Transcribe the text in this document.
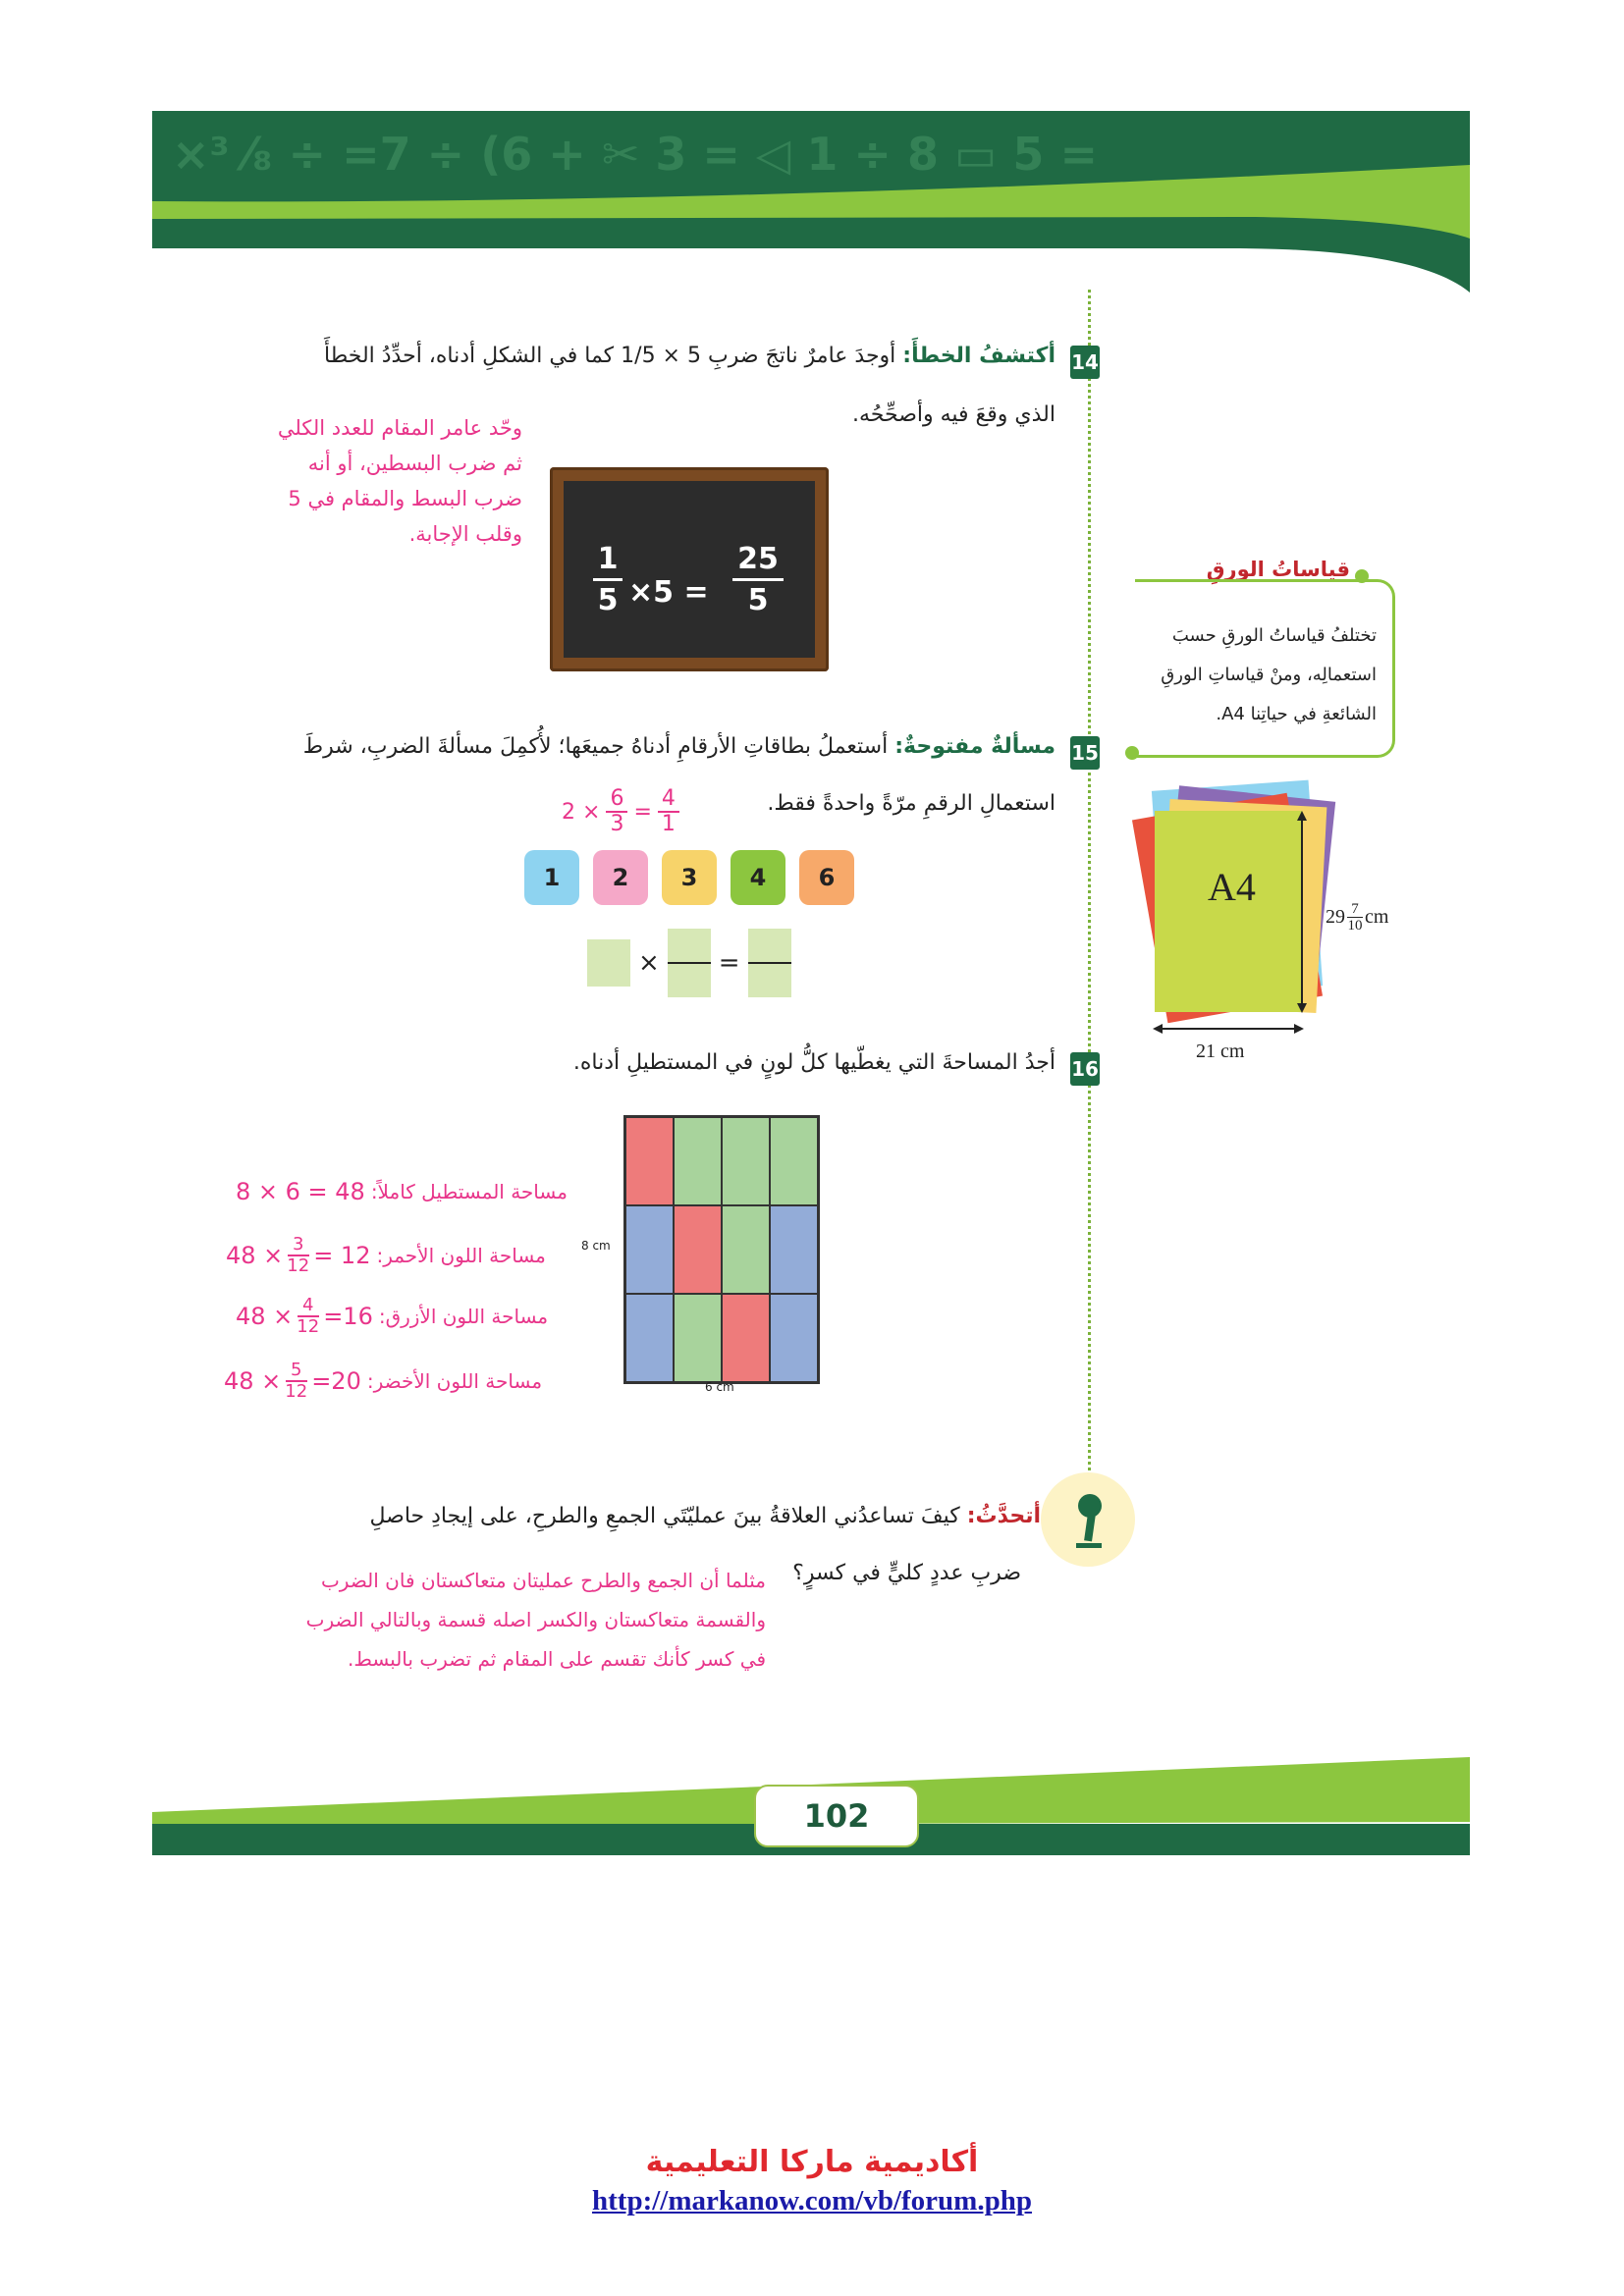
×³ ⁄₈ ÷ =7 ÷ (6 + ✂ 3 = ◁ 1 ÷ 8 ▭ 5 =
14
أكتشفُ الخطأَ: أوجدَ عامرٌ ناتجَ ضربِ 5 × 1/5 كما في الشكلِ أدناه، أحدِّدُ الخطأَ
الذي وقعَ فيه وأصحِّحُه.
وحّد عامر المقام للعدد الكلي
ثم ضرب البسطين، أو أنه
ضرب البسط والمقام في 5
وقلب الإجابة.
1
5 ×5 =
25
5
قياساتُ الورقِ
تختلفُ قياساتُ الورقِ حسبَ
استعمالِه، ومنْ قياساتِ الورقِ
الشائعةِ في حياتِنا A4.
A4
29 7
10 cm
21 cm
15
مسألةٌ مفتوحةٌ: أستعملُ بطاقاتِ الأرقامِ أدناهُ جميعَها؛ لأُكمِلَ مسألةَ الضربِ، شرطَ
استعمالِ الرقمِ مرّةً واحدةً فقط.
2 ×
6
3 =
4
1
1	2	3	4	6
× =
16
أجدُ المساحةَ التي يغطّيها كلُّ لونٍ في المستطيلِ أدناه.
8 cm
6 cm
مساحة المستطيل كاملاً:
8 × 6 = 48
مساحة اللون الأحمر:
48 × 3
12 = 12
مساحة اللون الأزرق:
48 × 4
12 =16
مساحة اللون الأخضر:
48 × 5
12 =20
أتحدَّثُ: كيفَ تساعدُني العلاقةُ بينَ عمليّتَي الجمعِ والطرحِ، على إيجادِ حاصلِ
ضربِ عددٍ كليٍّ في كسرٍ؟
مثلما أن الجمع والطرح عمليتان متعاكستان فان الضرب
والقسمة متعاكستان والكسر اصله قسمة وبالتالي الضرب
في كسر كأنك تقسم على المقام ثم تضرب بالبسط.
102
أكاديمية ماركا التعليمية
http://markanow.com/vb/forum.php
